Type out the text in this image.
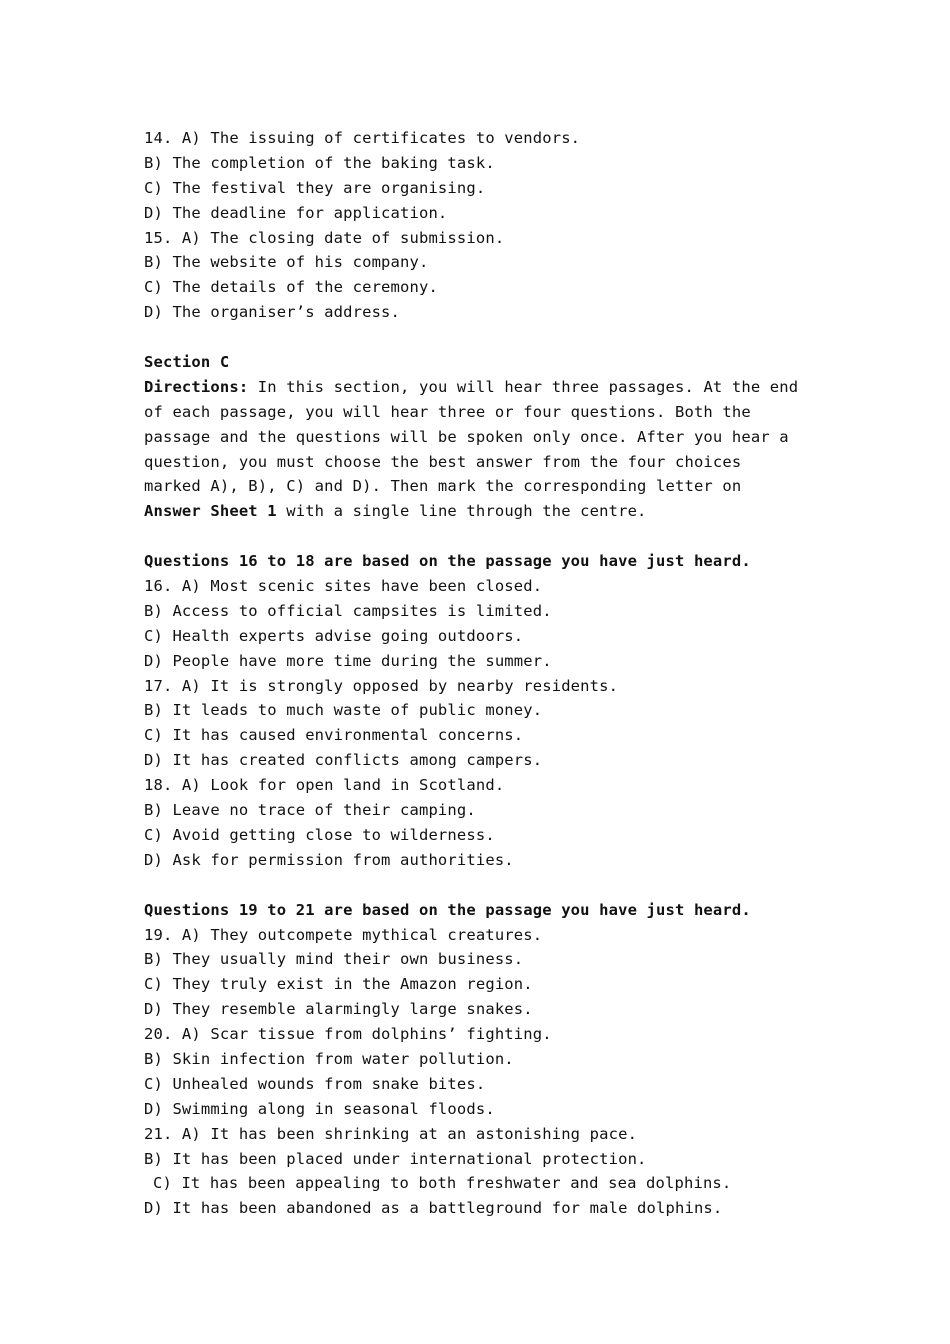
14. A) The issuing of certificates to vendors.
B) The completion of the baking task.
C) The festival they are organising.
D) The deadline for application.
15. A) The closing date of submission.
B) The website of his company.
C) The details of the ceremony.
D) The organiser’s address.
Section C
Directions: In this section, you will hear three passages. At the end
of each passage, you will hear three or four questions. Both the
passage and the questions will be spoken only once. After you hear a
question, you must choose the best answer from the four choices
marked A), B), C) and D). Then mark the corresponding letter on
Answer Sheet 1 with a single line through the centre.
Questions 16 to 18 are based on the passage you have just heard.
16. A) Most scenic sites have been closed.
B) Access to official campsites is limited.
C) Health experts advise going outdoors.
D) People have more time during the summer.
17. A) It is strongly opposed by nearby residents.
B) It leads to much waste of public money.
C) It has caused environmental concerns.
D) It has created conflicts among campers.
18. A) Look for open land in Scotland.
B) Leave no trace of their camping.
C) Avoid getting close to wilderness.
D) Ask for permission from authorities.
Questions 19 to 21 are based on the passage you have just heard.
19. A) They outcompete mythical creatures.
B) They usually mind their own business.
C) They truly exist in the Amazon region.
D) They resemble alarmingly large snakes.
20. A) Scar tissue from dolphins’ fighting.
B) Skin infection from water pollution.
C) Unhealed wounds from snake bites.
D) Swimming along in seasonal floods.
21. A) It has been shrinking at an astonishing pace.
B) It has been placed under international protection.
C) It has been appealing to both freshwater and sea dolphins.
D) It has been abandoned as a battleground for male dolphins.
